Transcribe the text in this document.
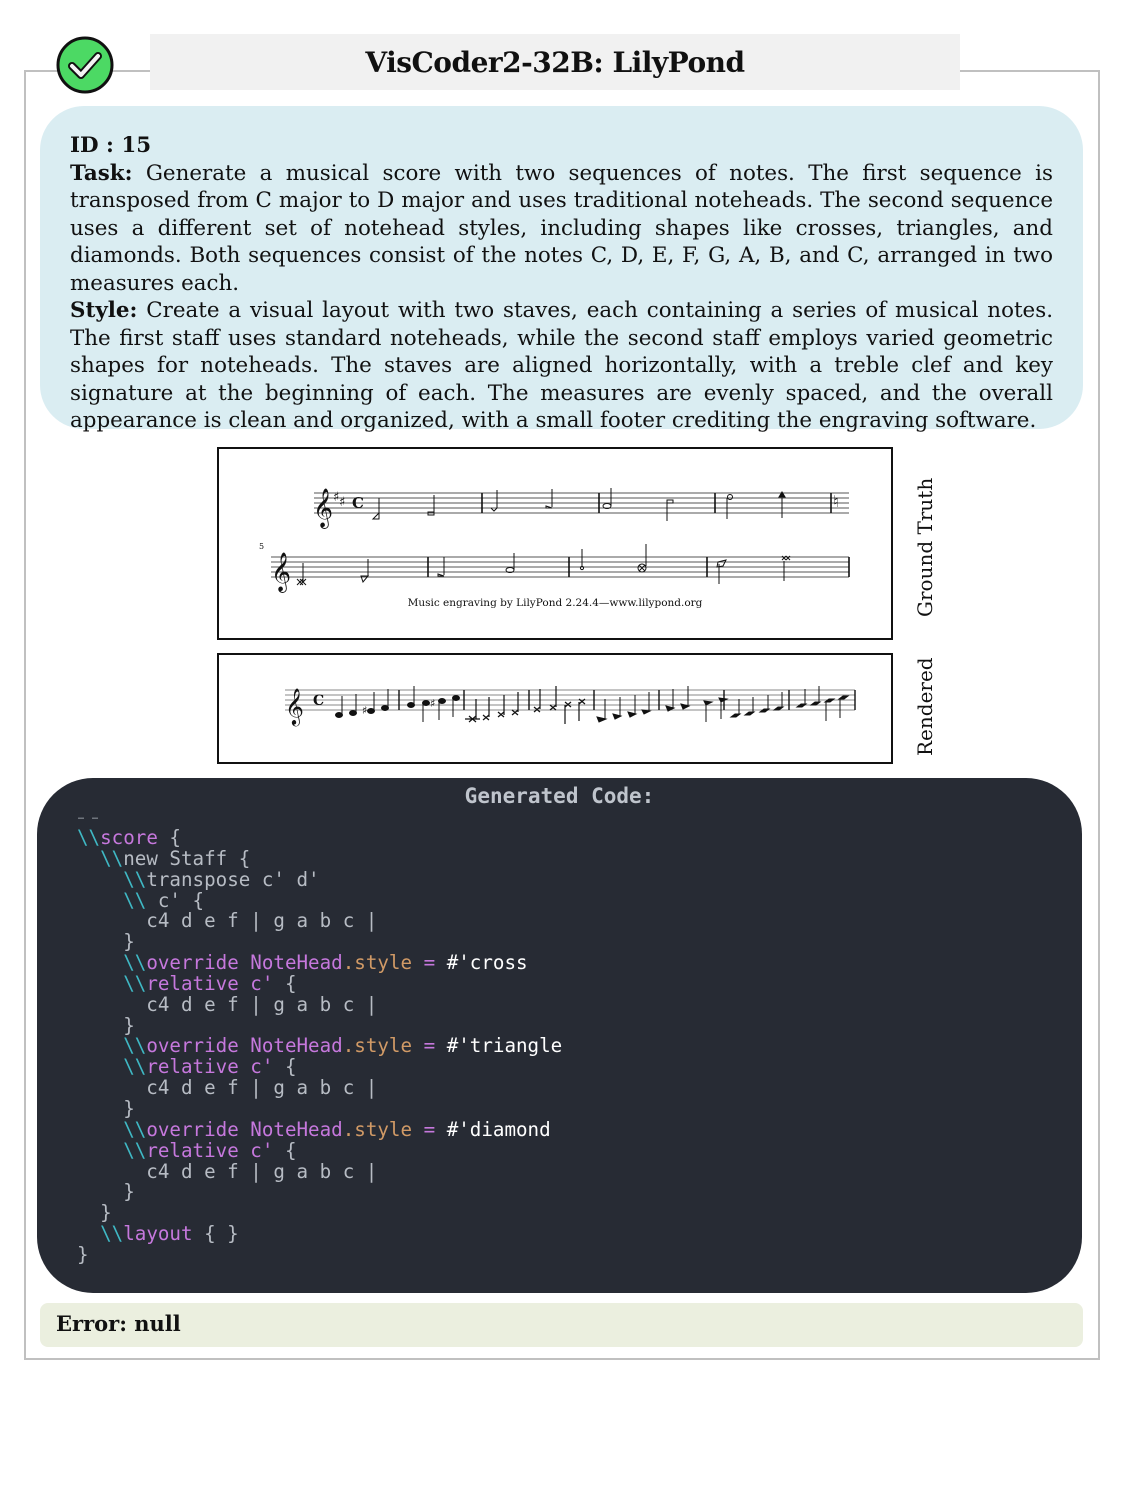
VisCoder2-32B: LilyPond

ID : 15

Task: Generate a musical score with two sequences of notes. The first sequence is transposed from C major to D major and uses traditional noteheads. The second sequence uses a different set of notehead styles, including shapes like crosses, triangles, and diamonds. Both sequences consist of the notes C, D, E, F, G, A, B, and C, arranged in two measures each.

Style: Create a visual layout with two staves, each containing a series of musical notes. The first staff uses standard noteheads, while the second staff employs varied geometric shapes for noteheads. The staves are aligned horizontally, with a treble clef and key signature at the beginning of each. The measures are evenly spaced, and the overall appearance is clean and organized, with a small footer crediting the engraving software.

𝄞 ♯ ♯ C	♮
5
𝄞
Music engraving by LilyPond 2.24.4—www.lilypond.org	Ground Truth
𝄞 C
♯
♯	Rendered
Generated Code:
… …
\\score {
\\new Staff {
\\transpose c' d'
\\ c' {
c4 d e f | g a b c |
}
\\override NoteHead.style = #'cross
\\relative c' {
c4 d e f | g a b c |
}
\\override NoteHead.style = #'triangle
\\relative c' {
c4 d e f | g a b c |
}
\\override NoteHead.style = #'diamond
\\relative c' {
c4 d e f | g a b c |
}
}
\\layout { }
}
Error: null
